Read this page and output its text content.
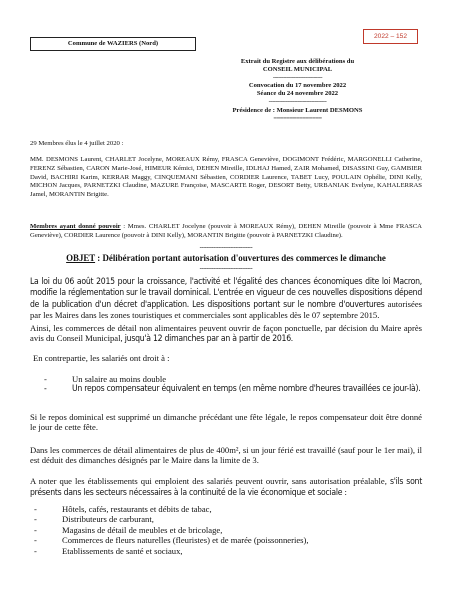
Commune de WAZIERS (Nord)
2022 – 152
Extrait du Registre aux délibérations du
CONSEIL MUNICIPAL
-----------------------------
Convocation du 17 novembre 2022
Séance du 24 novembre 2022
----------------------------------
Présidence de : Monsieur Laurent DESMONS
===============
29 Membres élus le 4 juillet 2020 :
MM. DESMONS Laurent, CHARLET Jocelyne, MOREAUX Rémy, FRASCA Geneviève, DOGIMONT Frédéric, MARGONELLI Catherine, FERENZ Sébastien, CARON Marie-José, HIMEUR Kémici, DEHEN Mireille, IDLHAJ Hamed, ZAIR Mohamed, DISASSINI Guy, GAMBIER David, BACHIRI Karim, KERRAR Maggy, CINQUEMANI Sébastien, CORDIER Laurence, TABET Lucy, POULAIN Ophélie, DINI Kelly, MICHON Jacques, PARNETZKI Claudine, MAZURE Françoise, MASCARTE Roger, DESORT Betty, URBANIAK Evelyne, KAHALERRAS Jamel, MORANTIN Brigitte.
Membres ayant donné pouvoir : Mmes. CHARLET Jocelyne (pouvoir à MOREAUX Rémy), DEHEN Mireille (pouvoir à Mme FRASCA Geneviève), CORDIER Laurence (pouvoir à DINI Kelly), MORANTIN Brigitte (pouvoir à PARNETZKI Claudine).
-------------------------------
OBJET : Délibération portant autorisation d'ouvertures des commerces le dimanche
-------------------------------
La loi du 06 août 2015 pour la croissance, l'activité et l'égalité des chances économiques dite loi Macron, modifie la réglementation sur le travail dominical. L'entrée en vigueur de ces nouvelles dispositions dépend de la publication d'un décret d'application. Les dispositions portant sur le nombre d'ouvertures autorisées par les Maires dans les zones touristiques et commerciales sont applicables dès le 07 septembre 2015.
Ainsi, les commerces de détail non alimentaires peuvent ouvrir de façon ponctuelle, par décision du Maire après avis du Conseil Municipal, jusqu'à 12 dimanches par an à partir de 2016.
En contrepartie, les salariés ont droit à :
- Un salaire au moins double
- Un repos compensateur équivalent en temps (en même nombre d'heures travaillées ce jour-là).
Si le repos dominical est supprimé un dimanche précédant une fête légale, le repos compensateur doit être donné le jour de cette fête.
Dans les commerces de détail alimentaires de plus de 400m², si un jour férié est travaillé (sauf pour le 1er mai), il est déduit des dimanches désignés par le Maire dans la limite de 3.
A noter que les établissements qui emploient des salariés peuvent ouvrir, sans autorisation préalable, s'ils sont présents dans les secteurs nécessaires à la continuité de la vie économique et sociale :
- Hôtels, cafés, restaurants et débits de tabac,
- Distributeurs de carburant,
- Magasins de détail de meubles et de bricolage,
- Commerces de fleurs naturelles (fleuristes) et de marée (poissonneries),
- Etablissements de santé et sociaux,
